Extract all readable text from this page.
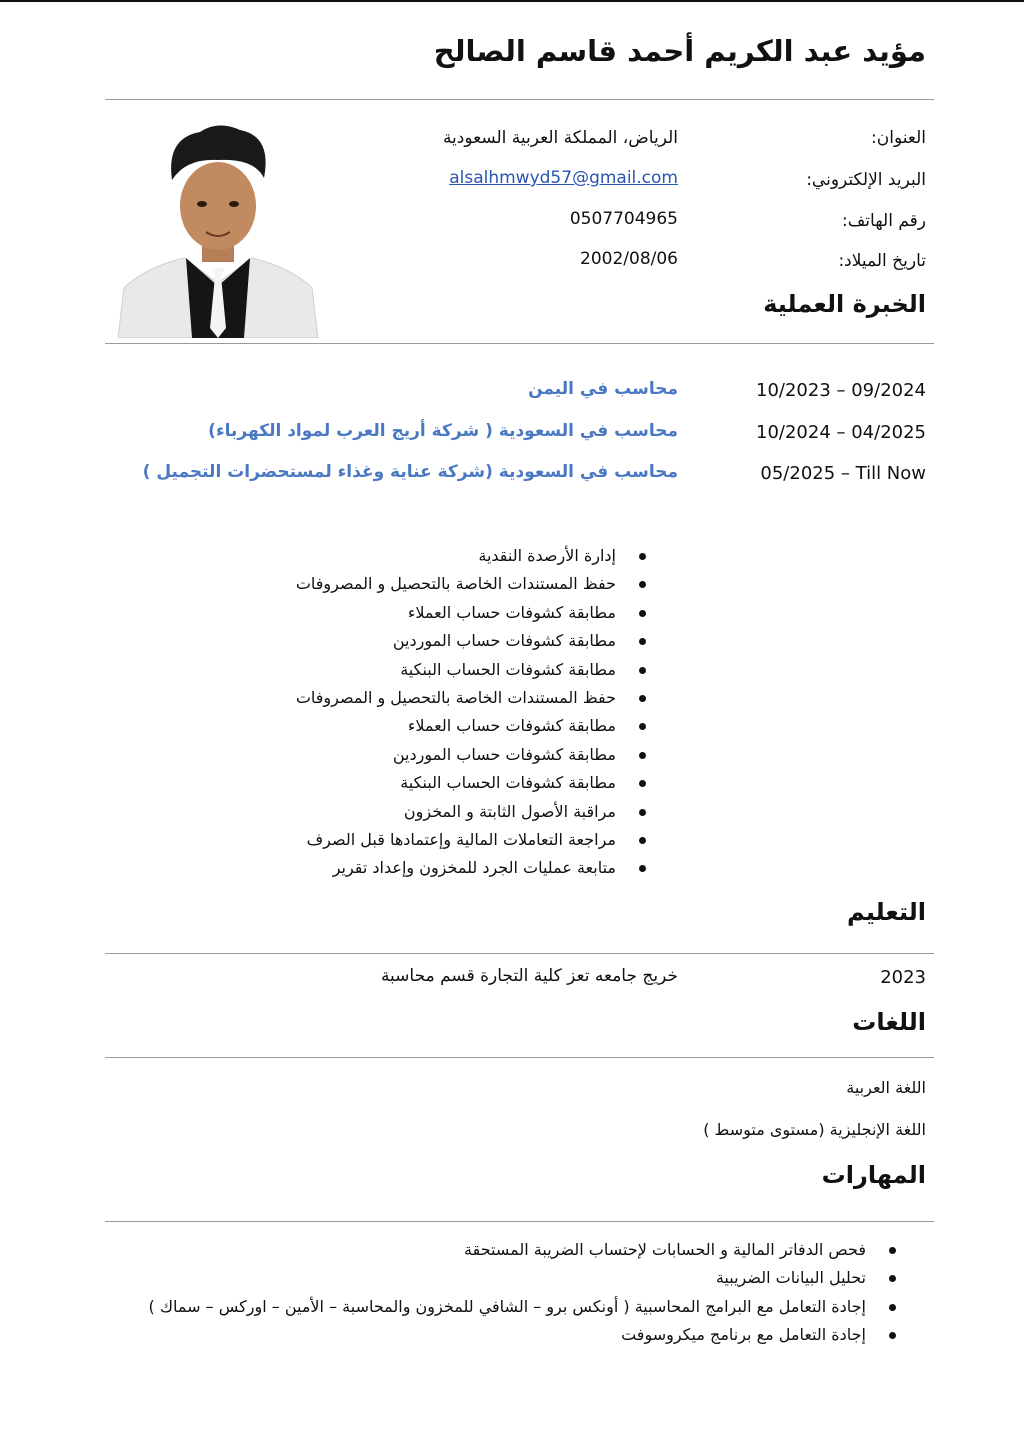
مؤيد عبد الكريم أحمد قاسم الصالح
العنوان:
الرياض، المملكة العربية السعودية
البريد الإلكتروني:
alsalhmwyd57@gmail.com
رقم الهاتف:
0507704965
تاريخ الميلاد:
2002/08/06
الخبرة العملية
10/2023 – 09/2024
محاسب في اليمن
10/2024 – 04/2025
محاسب في السعودية ( شركة أريج العرب لمواد الكهرباء)
05/2025 – Till Now
محاسب في السعودية (شركة عناية وغذاء لمستحضرات التجميل )
إدارة الأرصدة النقدية
حفظ المستندات الخاصة بالتحصيل و المصروفات
مطابقة كشوفات حساب العملاء
مطابقة كشوفات حساب الموردين
مطابقة كشوفات الحساب البنكية
حفظ المستندات الخاصة بالتحصيل و المصروفات
مطابقة كشوفات حساب العملاء
مطابقة كشوفات حساب الموردين
مطابقة كشوفات الحساب البنكية
مراقبة الأصول الثابتة و المخزون
مراجعة التعاملات المالية وإعتمادها قبل الصرف
متابعة عمليات الجرد للمخزون وإعداد تقرير
التعليم
2023
خريج جامعه تعز كلية التجارة قسم محاسبة
اللغات
اللغة العربية
اللغة الإنجليزية (مستوى متوسط )
المهارات
فحص الدفاتر المالية و الحسابات لإحتساب الضريبة المستحقة
تحليل البيانات الضريبية
إجادة التعامل مع البرامج المحاسبية ( أونكس برو – الشافي للمخزون والمحاسبة – الأمين – اوركس – سماك )
إجادة التعامل مع برنامج ميكروسوفت
